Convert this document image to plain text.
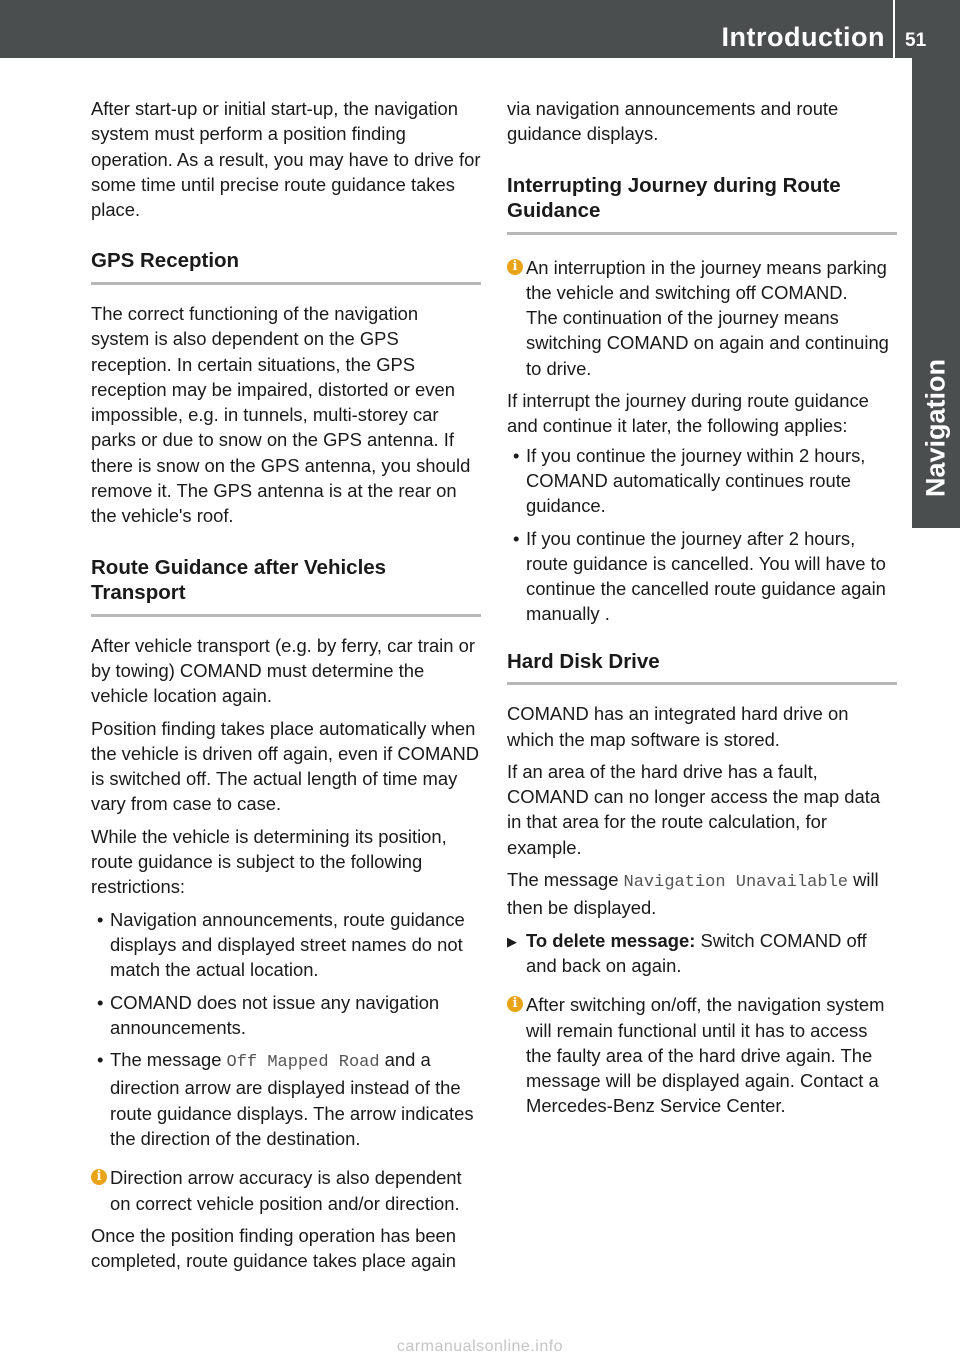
Introduction 51
Navigation

After start-up or initial start-up, the navigation system must perform a position finding operation. As a result, you may have to drive for some time until precise route guidance takes place.

GPS Reception

The correct functioning of the navigation system is also dependent on the GPS reception. In certain situations, the GPS reception may be impaired, distorted or even impossible, e.g. in tunnels, multi-storey car parks or due to snow on the GPS antenna. If there is snow on the GPS antenna, you should remove it. The GPS antenna is at the rear on the vehicle's roof.

Route Guidance after Vehicles Transport

After vehicle transport (e.g. by ferry, car train or by towing) COMAND must determine the vehicle location again.

Position finding takes place automatically when the vehicle is driven off again, even if COMAND is switched off. The actual length of time may vary from case to case.

While the vehicle is determining its position, route guidance is subject to the following restrictions:

• Navigation announcements, route guidance displays and displayed street names do not match the actual location.
• COMAND does not issue any navigation announcements.
• The message Off Mapped Road and a direction arrow are displayed instead of the route guidance displays. The arrow indicates the direction of the destination.
i Direction arrow accuracy is also dependent on correct vehicle position and/or direction.

Once the position finding operation has been completed, route guidance takes place again

via navigation announcements and route guidance displays.

Interrupting Journey during Route Guidance
i An interruption in the journey means parking the vehicle and switching off COMAND.
The continuation of the journey means switching COMAND on again and continuing to drive.

If interrupt the journey during route guidance and continue it later, the following applies:

• If you continue the journey within 2 hours, COMAND automatically continues route guidance.
• If you continue the journey after 2 hours, route guidance is cancelled. You will have to continue the cancelled route guidance again manually .
Hard Disk Drive

COMAND has an integrated hard drive on which the map software is stored.

If an area of the hard drive has a fault, COMAND can no longer access the map data in that area for the route calculation, for example.

The message Navigation Unavailable will then be displayed.

▶ To delete message: Switch COMAND off and back on again.
i After switching on/off, the navigation system will remain functional until it has to access the faulty area of the hard drive again. The message will be displayed again. Contact a Mercedes-Benz Service Center.
carmanualsonline.info
